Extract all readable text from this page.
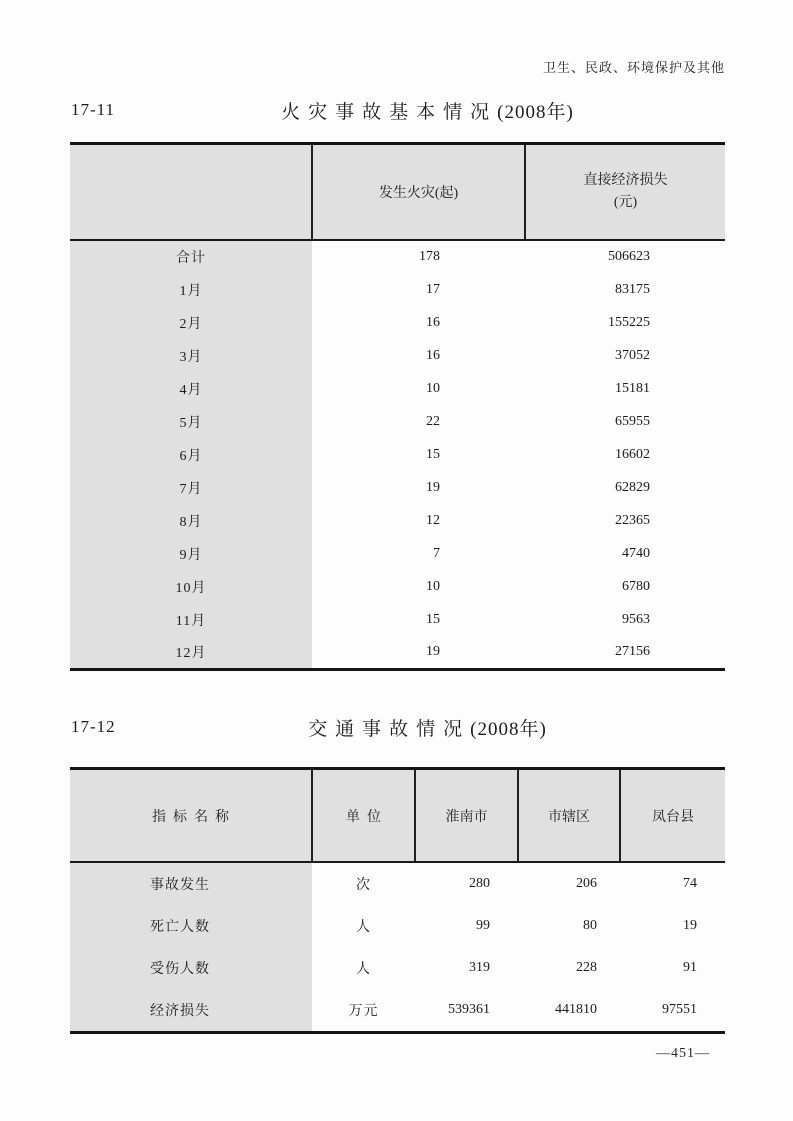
卫生、民政、环境保护及其他
17-11	火灾事故基本情况(2008年)
	发生火灾(起)	直接经济损失
(元)

合计	178	506623
1月	17	83175
2月	16	155225
3月	16	37052
4月	10	15181
5月	22	65955
6月	15	16602
7月	19	62829
8月	12	22365
9月	7	4740
10月	10	6780
11月	15	9563
12月	19	27156
17-12	交通事故情况(2008年)
指标名称	单位	淮南市	市辖区	凤台县
事故发生	次	280	206	74
死亡人数	人	99	80	19
受伤人数	人	319	228	91
经济损失	万元	539361	441810	97551
—451—
